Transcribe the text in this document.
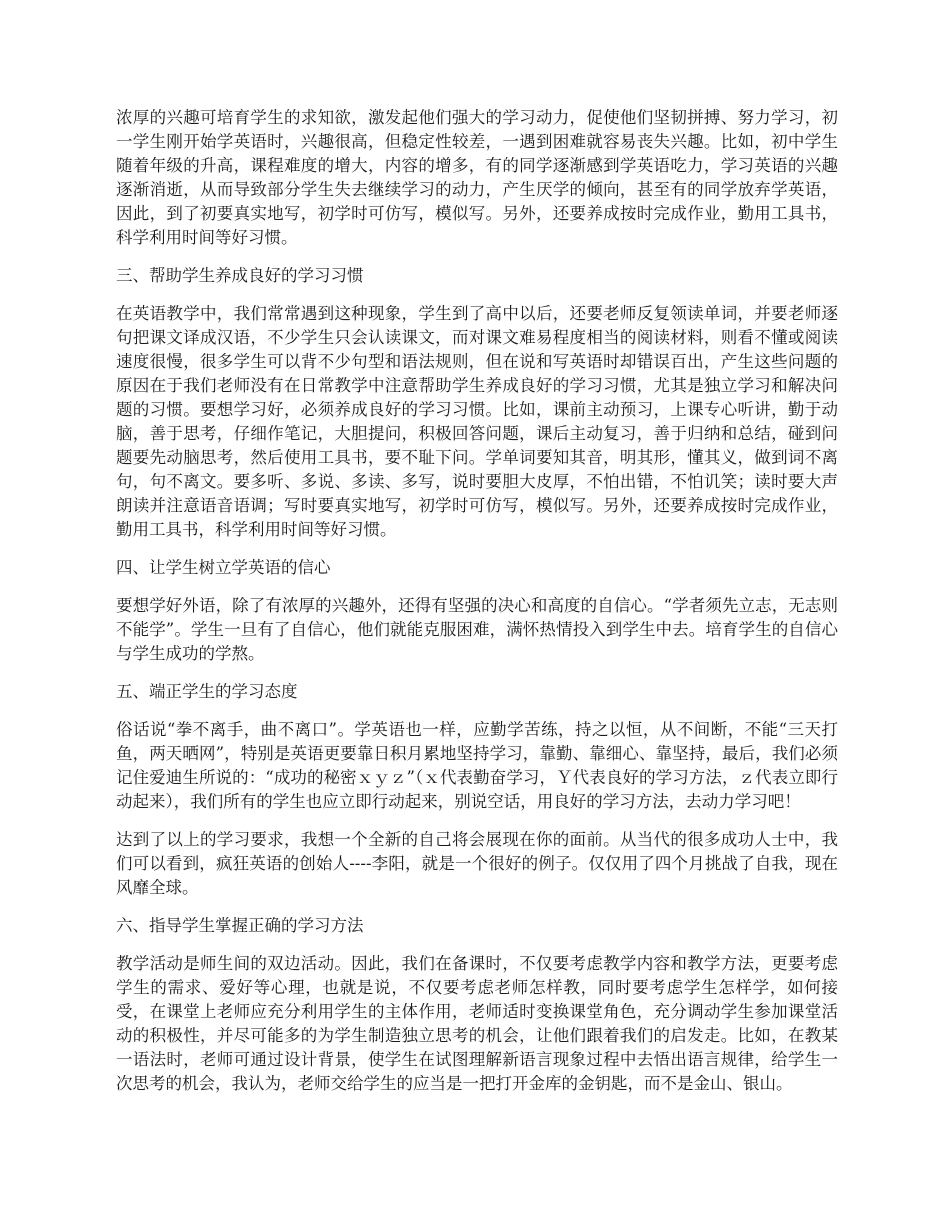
浓厚的兴趣可培育学生的求知欲，激发起他们强大的学习动力，促使他们坚韧拼搏、努力学习，初一学生刚开始学英语时，兴趣很高，但稳定性较差，一遇到困难就容易丧失兴趣。比如，初中学生随着年级的升高，课程难度的增大，内容的增多，有的同学逐渐感到学英语吃力，学习英语的兴趣逐渐消逝，从而导致部分学生失去继续学习的动力，产生厌学的倾向，甚至有的同学放弃学英语，因此，到了初要真实地写，初学时可仿写，模似写。另外，还要养成按时完成作业，勤用工具书，科学利用时间等好习惯。

三、帮助学生养成良好的学习习惯

在英语教学中，我们常常遇到这种现象，学生到了高中以后，还要老师反复领读单词，并要老师逐句把课文译成汉语，不少学生只会认读课文，而对课文难易程度相当的阅读材料，则看不懂或阅读速度很慢，很多学生可以背不少句型和语法规则，但在说和写英语时却错误百出，产生这些问题的原因在于我们老师没有在日常教学中注意帮助学生养成良好的学习习惯，尤其是独立学习和解决问题的习惯。要想学习好，必须养成良好的学习习惯。比如，课前主动预习，上课专心听讲，勤于动脑，善于思考，仔细作笔记，大胆提问，积极回答问题，课后主动复习，善于归纳和总结，碰到问题要先动脑思考，然后使用工具书，要不耻下问。学单词要知其音，明其形，懂其义，做到词不离句，句不离文。要多听、多说、多读、多写，说时要胆大皮厚，不怕出错，不怕讥笑；读时要大声朗读并注意语音语调；写时要真实地写，初学时可仿写，模似写。另外，还要养成按时完成作业，勤用工具书，科学利用时间等好习惯。

四、让学生树立学英语的信心

要想学好外语，除了有浓厚的兴趣外，还得有坚强的决心和高度的自信心。“学者须先立志，无志则不能学”。学生一旦有了自信心，他们就能克服困难，满怀热情投入到学生中去。培育学生的自信心与学生成功的学熬。

五、端正学生的学习态度

俗话说“拳不离手，曲不离口”。学英语也一样，应勤学苦练，持之以恒，从不间断，不能“三天打鱼，两天晒网”，特别是英语更要靠日积月累地坚持学习，靠勤、靠细心、靠坚持，最后，我们必须记住爱迪生所说的：“成功的秘密ｘｙｚ”（ｘ代表勤奋学习，Ｙ代表良好的学习方法，ｚ代表立即行动起来），我们所有的学生也应立即行动起来，别说空话，用良好的学习方法，去动力学习吧！

达到了以上的学习要求，我想一个全新的自己将会展现在你的面前。从当代的很多成功人士中，我们可以看到，疯狂英语的创始人----李阳，就是一个很好的例子。仅仅用了四个月挑战了自我，现在风靡全球。

六、指导学生掌握正确的学习方法

教学活动是师生间的双边活动。因此，我们在备课时，不仅要考虑教学内容和教学方法，更要考虑学生的需求、爱好等心理，也就是说，不仅要考虑老师怎样教，同时要考虑学生怎样学，如何接受，在课堂上老师应充分利用学生的主体作用，老师适时变换课堂角色，充分调动学生参加课堂活动的积极性，并尽可能多的为学生制造独立思考的机会，让他们跟着我们的启发走。比如，在教某一语法时，老师可通过设计背景，使学生在试图理解新语言现象过程中去悟出语言规律，给学生一次思考的机会，我认为，老师交给学生的应当是一把打开金库的金钥匙，而不是金山、银山。
